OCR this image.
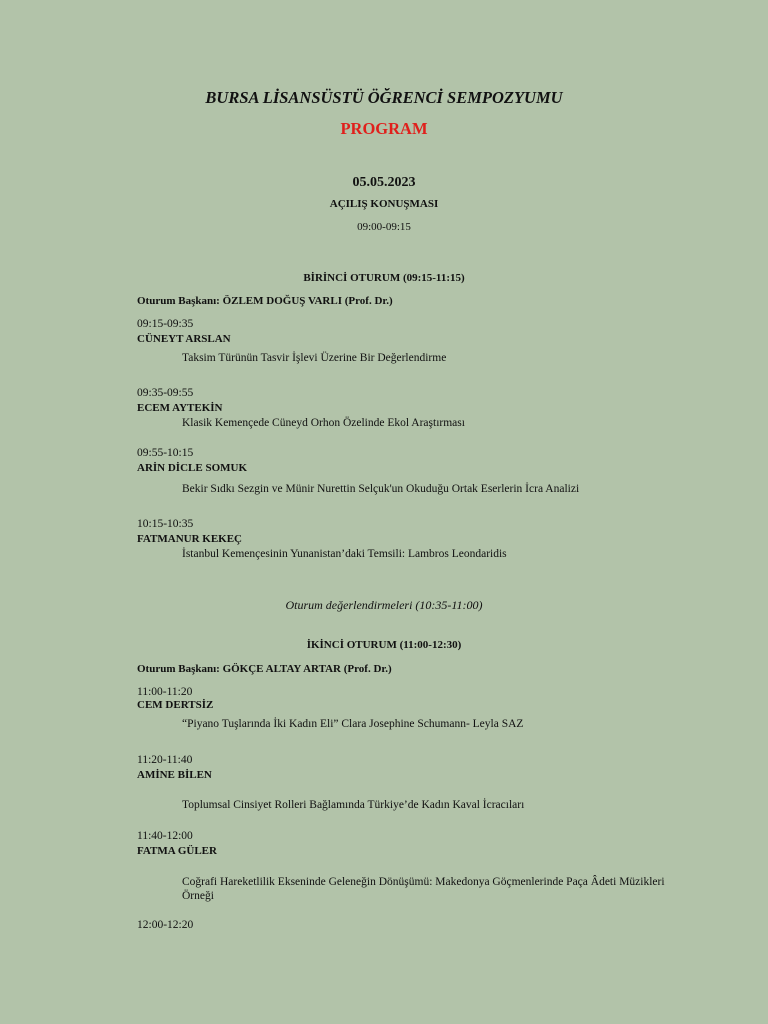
BURSA LİSANSÜSTÜ ÖĞRENCİ SEMPOZYUMU
PROGRAM
05.05.2023
AÇILIŞ KONUŞMASI
09:00-09:15
BİRİNCİ OTURUM (09:15-11:15)
Oturum Başkanı: ÖZLEM DOĞUŞ VARLI (Prof. Dr.)
09:15-09:35
CÜNEYT ARSLAN
Taksim Türünün Tasvir İşlevi Üzerine Bir Değerlendirme
09:35-09:55
ECEM AYTEKİN
Klasik Kemençede Cüneyd Orhon Özelinde Ekol Araştırması
09:55-10:15
ARİN DİCLE SOMUK
Bekir Sıdkı Sezgin ve Münir Nurettin Selçuk'un Okuduğu Ortak Eserlerin İcra Analizi
10:15-10:35
FATMANUR KEKEÇ
İstanbul Kemençesinin Yunanistan’daki Temsili: Lambros Leondaridis
Oturum değerlendirmeleri (10:35-11:00)
İKİNCİ OTURUM (11:00-12:30)
Oturum Başkanı: GÖKÇE ALTAY ARTAR (Prof. Dr.)
11:00-11:20
CEM DERTSİZ
“Piyano Tuşlarında İki Kadın Eli” Clara Josephine Schumann- Leyla SAZ
11:20-11:40
AMİNE BİLEN
Toplumsal Cinsiyet Rolleri Bağlamında Türkiye’de Kadın Kaval İcracıları
11:40-12:00
FATMA GÜLER
Coğrafi Hareketlilik Ekseninde Geleneğin Dönüşümü: Makedonya Göçmenlerinde Paça Âdeti Müzikleri Örneği
12:00-12:20
